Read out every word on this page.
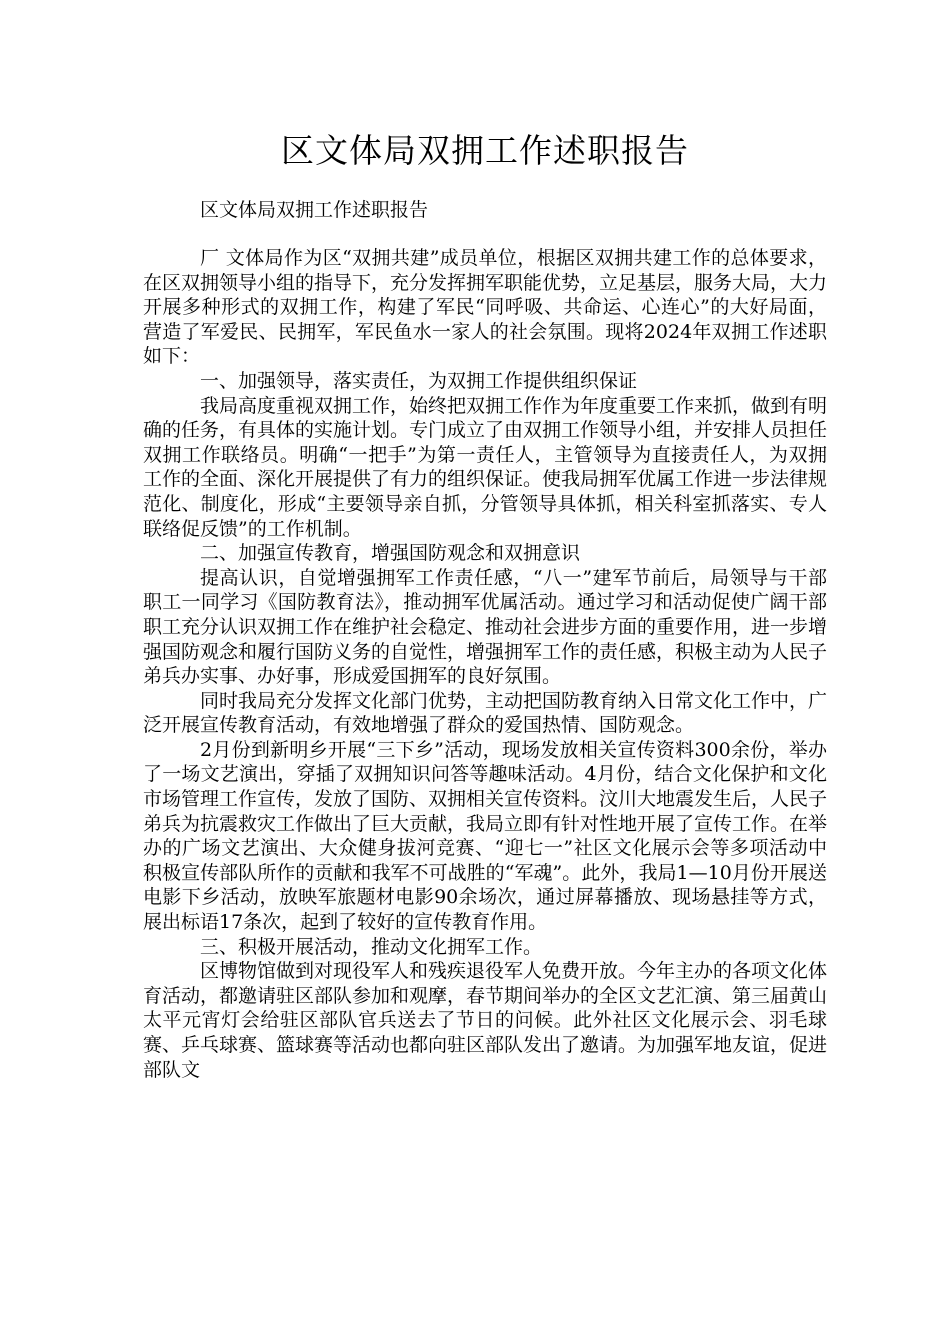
区文体局双拥工作述职报告

区文体局双拥工作述职报告

厂 文体局作为区“双拥共建”成员单位，根据区双拥共建工作的总体要求，在区双拥领导小组的指导下，充分发挥拥军职能优势，立足基层，服务大局，大力开展多种形式的双拥工作，构建了军民“同呼吸、共命运、心连心”的大好局面，营造了军爱民、民拥军，军民鱼水一家人的社会氛围。现将2024年双拥工作述职如下：

一、加强领导，落实责任，为双拥工作提供组织保证

我局高度重视双拥工作，始终把双拥工作作为年度重要工作来抓，做到有明确的任务，有具体的实施计划。专门成立了由双拥工作领导小组，并安排人员担任双拥工作联络员。明确“一把手”为第一责任人，主管领导为直接责任人，为双拥工作的全面、深化开展提供了有力的组织保证。使我局拥军优属工作进一步法律规范化、制度化，形成“主要领导亲自抓，分管领导具体抓，相关科室抓落实、专人联络促反馈”的工作机制。

二、加强宣传教育，增强国防观念和双拥意识

提高认识，自觉增强拥军工作责任感，“八一”建军节前后，局领导与干部职工一同学习《国防教育法》，推动拥军优属活动。通过学习和活动促使广阔干部职工充分认识双拥工作在维护社会稳定、推动社会进步方面的重要作用，进一步增强国防观念和履行国防义务的自觉性，增强拥军工作的责任感，积极主动为人民子弟兵办实事、办好事，形成爱国拥军的良好氛围。

同时我局充分发挥文化部门优势，主动把国防教育纳入日常文化工作中，广泛开展宣传教育活动，有效地增强了群众的爱国热情、国防观念。

2月份到新明乡开展“三下乡”活动，现场发放相关宣传资料300余份，举办了一场文艺演出，穿插了双拥知识问答等趣味活动。4月份，结合文化保护和文化市场管理工作宣传，发放了国防、双拥相关宣传资料。汶川大地震发生后，人民子弟兵为抗震救灾工作做出了巨大贡献，我局立即有针对性地开展了宣传工作。在举办的广场文艺演出、大众健身拔河竞赛、“迎七一”社区文化展示会等多项活动中积极宣传部队所作的贡献和我军不可战胜的“军魂”。此外，我局1—10月份开展送电影下乡活动，放映军旅题材电影90余场次，通过屏幕播放、现场悬挂等方式，展出标语17条次，起到了较好的宣传教育作用。

三、积极开展活动，推动文化拥军工作。

区博物馆做到对现役军人和残疾退役军人免费开放。今年主办的各项文化体育活动，都邀请驻区部队参加和观摩，春节期间举办的全区文艺汇演、第三届黄山太平元宵灯会给驻区部队官兵送去了节日的问候。此外社区文化展示会、羽毛球赛、乒乓球赛、篮球赛等活动也都向驻区部队发出了邀请。为加强军地友谊，促进部队文
